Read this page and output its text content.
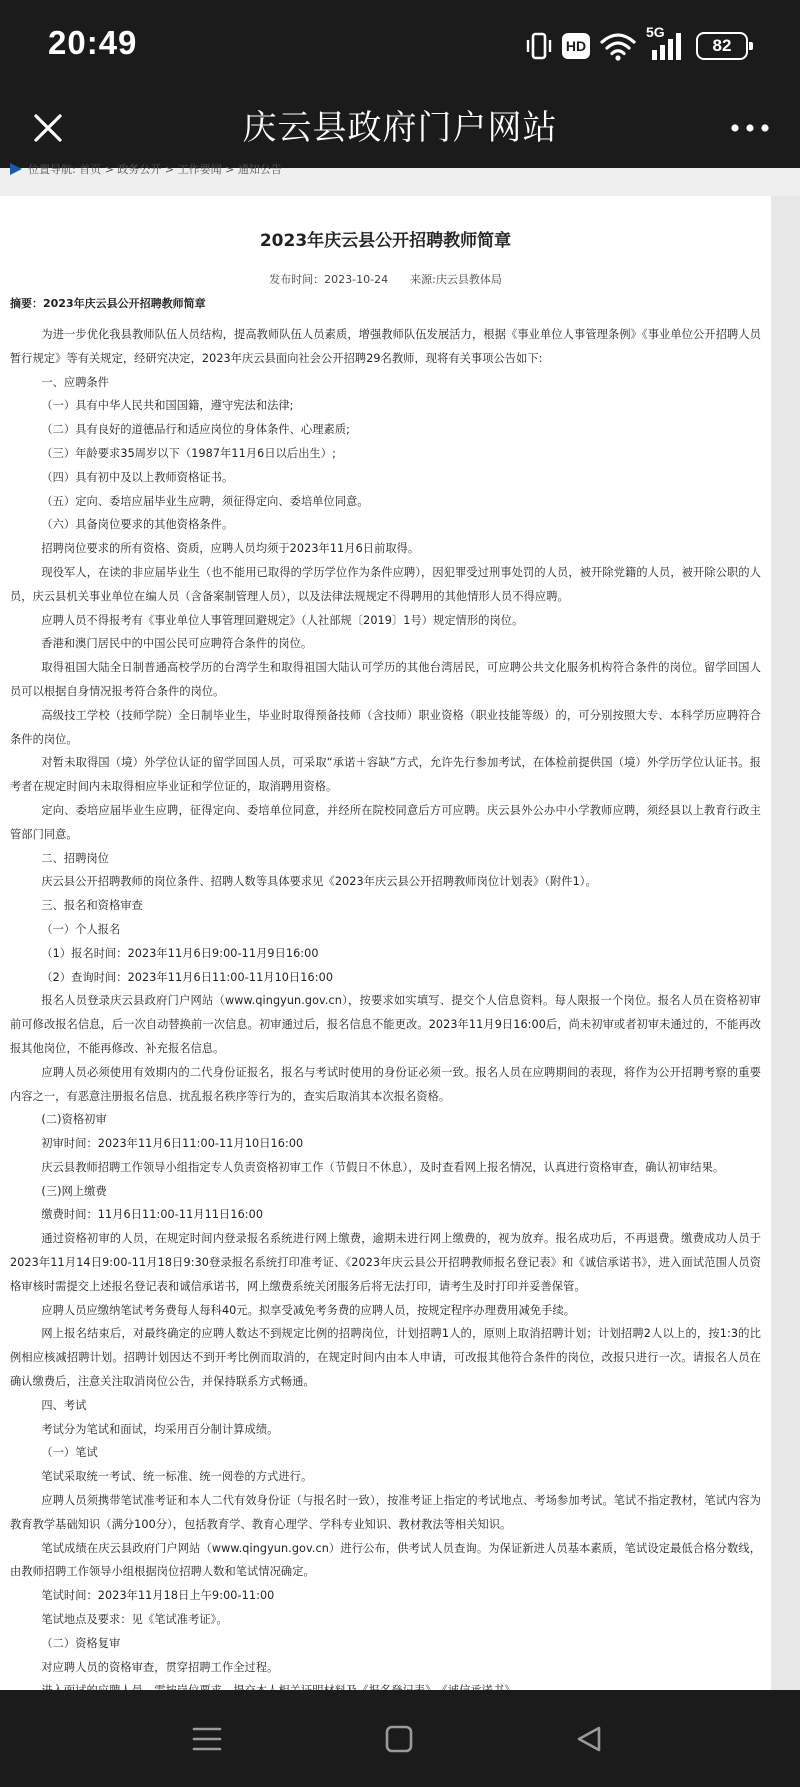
20:49	HD
5G
82
庆云县政府门户网站
位置导航: 首页 > 政务公开 > 工作要闻 > 通知公告
2023年庆云县公开招聘教师简章
发布时间：2023-10-24 来源:庆云县教体局
摘要：2023年庆云县公开招聘教师简章

为进一步优化我县教师队伍人员结构，提高教师队伍人员素质，增强教师队伍发展活力，根据《事业单位人事管理条例》《事业单位公开招聘人员暂行规定》等有关规定，经研究决定，2023年庆云县面向社会公开招聘29名教师，现将有关事项公告如下:

一、应聘条件

（一）具有中华人民共和国国籍，遵守宪法和法律;

（二）具有良好的道德品行和适应岗位的身体条件、心理素质;

（三）年龄要求35周岁以下（1987年11月6日以后出生）;

（四）具有初中及以上教师资格证书。

（五）定向、委培应届毕业生应聘，须征得定向、委培单位同意。

（六）具备岗位要求的其他资格条件。

招聘岗位要求的所有资格、资质，应聘人员均须于2023年11月6日前取得。

现役军人，在读的非应届毕业生（也不能用已取得的学历学位作为条件应聘），因犯罪受过刑事处罚的人员，被开除党籍的人员，被开除公职的人员，庆云县机关事业单位在编人员（含备案制管理人员），以及法律法规规定不得聘用的其他情形人员不得应聘。

应聘人员不得报考有《事业单位人事管理回避规定》（人社部规〔2019〕1号）规定情形的岗位。

香港和澳门居民中的中国公民可应聘符合条件的岗位。

取得祖国大陆全日制普通高校学历的台湾学生和取得祖国大陆认可学历的其他台湾居民，可应聘公共文化服务机构符合条件的岗位。留学回国人员可以根据自身情况报考符合条件的岗位。

高级技工学校（技师学院）全日制毕业生，毕业时取得预备技师（含技师）职业资格（职业技能等级）的，可分别按照大专、本科学历应聘符合条件的岗位。

对暂未取得国（境）外学位认证的留学回国人员，可采取“承诺＋容缺”方式，允许先行参加考试，在体检前提供国（境）外学历学位认证书。报考者在规定时间内未取得相应毕业证和学位证的，取消聘用资格。

定向、委培应届毕业生应聘，征得定向、委培单位同意，并经所在院校同意后方可应聘。庆云县外公办中小学教师应聘，须经县以上教育行政主管部门同意。

二、招聘岗位

庆云县公开招聘教师的岗位条件、招聘人数等具体要求见《2023年庆云县公开招聘教师岗位计划表》（附件1）。

三、报名和资格审查

（一）个人报名

（1）报名时间：2023年11月6日9:00-11月9日16:00

（2）查询时间：2023年11月6日11:00-11月10日16:00

报名人员登录庆云县政府门户网站（www.qingyun.gov.cn），按要求如实填写、提交个人信息资料。每人限报一个岗位。报名人员在资格初审前可修改报名信息，后一次自动替换前一次信息。初审通过后，报名信息不能更改。2023年11月9日16:00后，尚未初审或者初审未通过的，不能再改报其他岗位，不能再修改、补充报名信息。

应聘人员必须使用有效期内的二代身份证报名，报名与考试时使用的身份证必须一致。报名人员在应聘期间的表现，将作为公开招聘考察的重要内容之一，有恶意注册报名信息、扰乱报名秩序等行为的，查实后取消其本次报名资格。

(二)资格初审

初审时间：2023年11月6日11:00-11月10日16:00

庆云县教师招聘工作领导小组指定专人负责资格初审工作（节假日不休息），及时查看网上报名情况，认真进行资格审查，确认初审结果。

(三)网上缴费

缴费时间：11月6日11:00-11月11日16:00

通过资格初审的人员，在规定时间内登录报名系统进行网上缴费，逾期未进行网上缴费的，视为放弃。报名成功后，不再退费。缴费成功人员于2023年11月14日9:00-11月18日9:30登录报名系统打印准考证、《2023年庆云县公开招聘教师报名登记表》和《诚信承诺书》，进入面试范围人员资格审核时需提交上述报名登记表和诚信承诺书，网上缴费系统关闭服务后将无法打印，请考生及时打印并妥善保管。

应聘人员应缴纳笔试考务费每人每科40元。拟享受减免考务费的应聘人员，按规定程序办理费用减免手续。

网上报名结束后，对最终确定的应聘人数达不到规定比例的招聘岗位，计划招聘1人的，原则上取消招聘计划；计划招聘2人以上的，按1:3的比例相应核减招聘计划。招聘计划因达不到开考比例而取消的，在规定时间内由本人申请，可改报其他符合条件的岗位，改报只进行一次。请报名人员在确认缴费后，注意关注取消岗位公告，并保持联系方式畅通。

四、考试

考试分为笔试和面试，均采用百分制计算成绩。

（一）笔试

笔试采取统一考试、统一标准、统一阅卷的方式进行。

应聘人员须携带笔试准考证和本人二代有效身份证（与报名时一致），按准考证上指定的考试地点、考场参加考试。笔试不指定教材，笔试内容为教育教学基础知识（满分100分），包括教育学、教育心理学、学科专业知识、教材教法等相关知识。

笔试成绩在庆云县政府门户网站（www.qingyun.gov.cn）进行公布，供考试人员查询。为保证新进人员基本素质，笔试设定最低合格分数线，由教师招聘工作领导小组根据岗位招聘人数和笔试情况确定。

笔试时间：2023年11月18日上午9:00-11:00

笔试地点及要求：见《笔试准考证》。

（二）资格复审

对应聘人员的资格审查，贯穿招聘工作全过程。
